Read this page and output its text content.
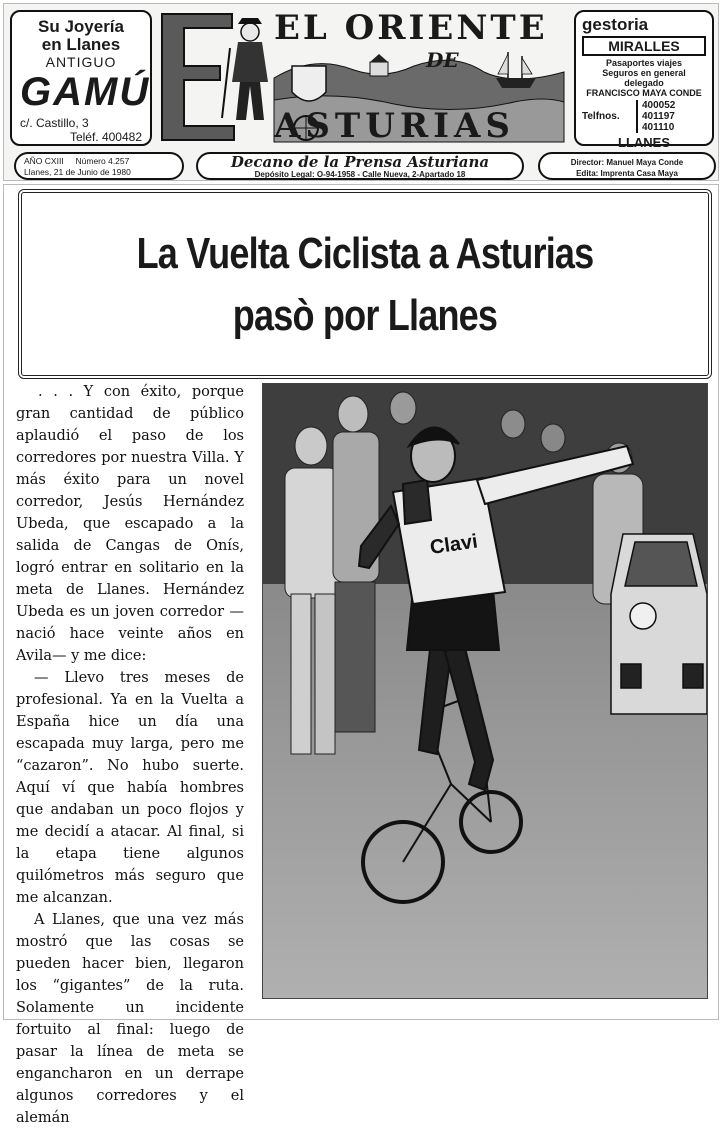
Su Joyería
en Llanes
ANTIGUO
GAMÚ
c/. Castillo, 3
Teléf. 400482
EL ORIENTE
DE
ASTURIAS
gestoria
MIRALLES
Pasaportes viajes
Seguros en general
delegado
FRANCISCO MAYA CONDE
Telfnos.
400052
401197
401110
LLANES
AÑO CXIII Número 4.257
Llanes, 21 de Junio de 1980
Decano de la Prensa Asturiana
Depósito Legal: O-94-1958 - Calle Nueva, 2-Apartado 18
Director: Manuel Maya Conde
Edita: Imprenta Casa Maya
La Vuelta Ciclista a Asturias
pasò por Llanes

. . . Y con éxito, porque gran cantidad de público aplaudió el paso de los corredores por nuestra Villa. Y más éxito para un novel corredor, Jesús Hernández Ubeda, que escapado a la salida de Cangas de Onís, logró entrar en solitario en la meta de Llanes. Hernández Ubeda es un joven corredor —nació hace veinte años en Avila— y me dice:

— Llevo tres meses de profesional. Ya en la Vuelta a España hice un día una escapada muy larga, pero me “cazaron”. No hubo suerte. Aquí ví que había hombres que andaban un poco flojos y me decidí a atacar. Al final, si la etapa tiene algunos quilómetros más seguro que me alcanzan.

A Llanes, que una vez más mostró que las cosas se pueden hacer bien, llegaron los “gigantes” de la ruta. Solamente un incidente fortuito al final: luego de pasar la línea de meta se engancharon en un derrape algunos corredores y el alemán

Clavi
